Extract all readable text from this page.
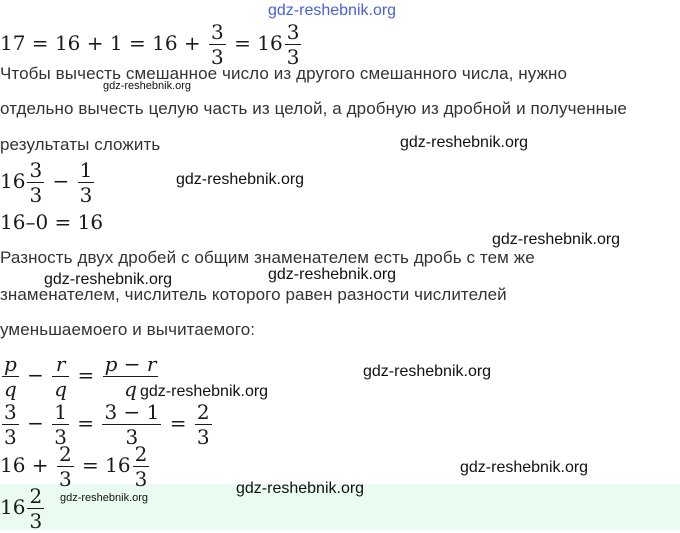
gdz-reshebnik.org
$17 = 16 + 1 = 16 + \frac{3}{3} = 16 \frac{3}{3}$
Чтобы вычесть смешанное число из другого смешанного числа, нужно
gdz-reshebnik.org
отдельно вычесть целую часть из целой, а дробную из дробной и полученные
результаты сложить	gdz-reshebnik.org
$16 \frac{3}{3} - \frac{1}{3}$	gdz-reshebnik.org
16–0 = 16
gdz-reshebnik.org
Разность двух дробей с общим знаменателем есть дробь с тем же
gdz-reshebnik.org	gdz-reshebnik.org
знаменателем, числитель которого равен разности числителей
уменьшаемоего и вычитаемого:
$\frac{p}{q} - \frac{r}{q} = \frac{p - r}{q}$	gdz-reshebnik.org
gdz-reshebnik.org
$\frac{3}{3} - \frac{1}{3} = \frac{3 - 1}{3} = \frac{2}{3}$
$16 + \frac{2}{3} = 16 \frac{2}{3}$	gdz-reshebnik.org
$16 \frac{2}{3}$ gdz-reshebnik.org
gdz-reshebnik.org
